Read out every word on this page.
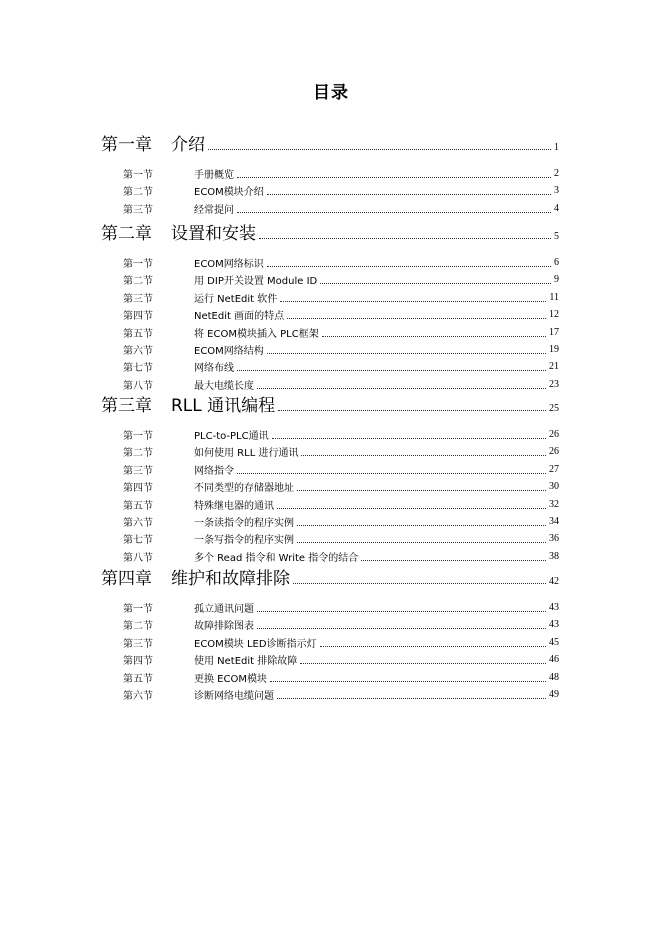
目录
第一章	介绍	1
第一节	手册概览	2
第二节	ECOM模块介绍	3
第三节	经常提问	4
第二章	设置和安装	5
第一节	ECOM网络标识	6
第二节	用 DIP开关设置 Module ID	9
第三节	运行 NetEdit 软件	11
第四节	NetEdit 画面的特点	12
第五节	将 ECOM模块插入 PLC框架	17
第六节	ECOM网络结构	19
第七节	网络布线	21
第八节	最大电缆长度	23
第三章	RLL 通讯编程	25
第一节	PLC-to-PLC通讯	26
第二节	如何使用 RLL 进行通讯	26
第三节	网络指令	27
第四节	不同类型的存储器地址	30
第五节	特殊继电器的通讯	32
第六节	一条读指令的程序实例	34
第七节	一条写指令的程序实例	36
第八节	多个 Read 指令和 Write 指令的结合	38
第四章	维护和故障排除	42
第一节	孤立通讯问题	43
第二节	故障排除图表	43
第三节	ECOM模块 LED诊断指示灯	45
第四节	使用 NetEdit 排除故障	46
第五节	更换 ECOM模块	48
第六节	诊断网络电缆问题	49
